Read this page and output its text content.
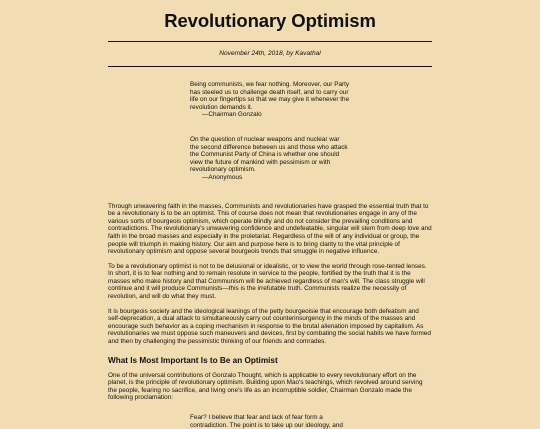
Revolutionary Optimism
November 24th, 2018, by Kavathal

Being communists, we fear nothing. Moreover, our Party has steeled us to challenge death itself, and to carry our life on our fingertips so that we may give it whenever the revolution demands it.

—Chairman Gonzalo

On the question of nuclear weapons and nuclear war the second difference between us and those who attack the Communist Party of China is whether one should view the future of mankind with pessimism or with revolutionary optimism.

—Anonymous

Through unwavering faith in the masses, Communists and revolutionaries have grasped the essential truth that to be a revolutionary is to be an optimist. This of course does not mean that revolutionaries engage in any of the various sorts of bourgeois optimism, which operate blindly and do not consider the prevailing conditions and contradictions. The revolutionary's unwavering confidence and undefeatable, singular will stem from deep love and faith in the broad masses and especially in the proletariat. Regardless of the will of any individual or group, the people will triumph in making history. Our aim and purpose here is to bring clarity to the vital principle of revolutionary optimism and oppose several bourgeois trends that smuggle in negative influence.

To be a revolutionary optimist is not to be delusional or idealistic, or to view the world through rose-tented lenses. In short, it is to fear nothing and to remain resolute in service to the people, fortified by the truth that it is the masses who make history and that Communism will be achieved regardless of man's will. The class struggle will continue and it will produce Communists—this is the irrefutable truth. Communists realize the necessity of revolution, and will do what they must.

It is bourgeois society and the ideological leanings of the petty bourgeoisie that encourage both defeatism and self-deprecation, a dual attack to simultaneously carry out counterinsurgency in the minds of the masses and encourage such behavior as a coping mechanism in response to the brutal alienation imposed by capitalism. As revolutionaries we must oppose such maneuvers and devices, first by combating the social habits we have formed and then by challenging the pessimistic thinking of our friends and comrades.

What Is Most Important Is to Be an Optimist

One of the universal contributions of Gonzalo Thought, which is applicable to every revolutionary effort on the planet, is the principle of revolutionary optimism. Building upon Mao's teachings, which revolved around serving the people, fearing no sacrifice, and living one's life as an incorruptible soldier, Chairman Gonzalo made the following proclamation:

Fear? I believe that fear and lack of fear form a contradiction. The point is to take up our ideology, and
